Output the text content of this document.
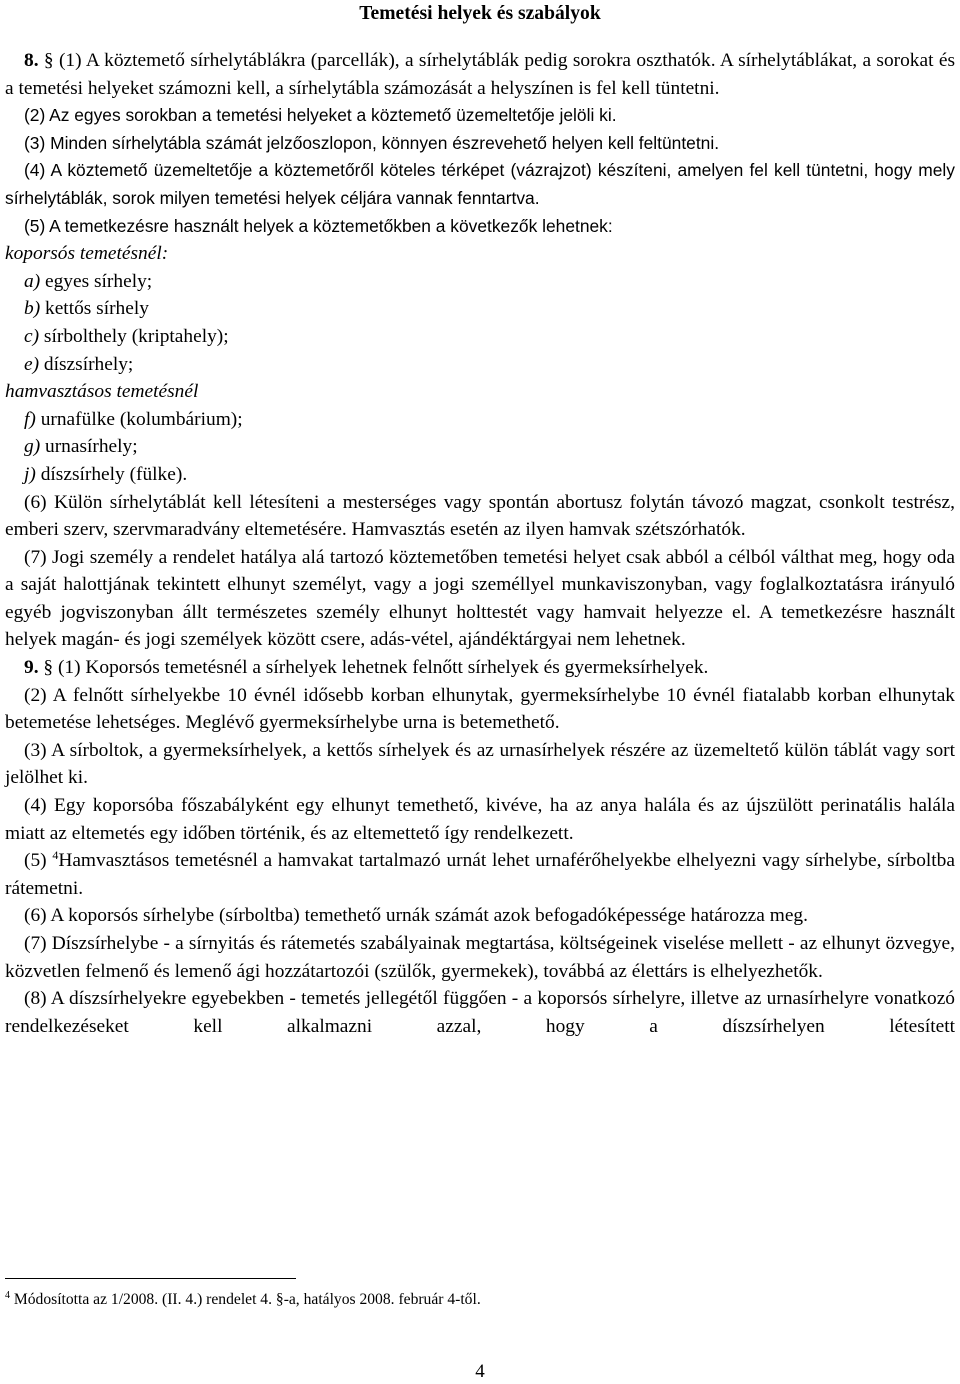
Temetési helyek és szabályok

8. § (1) A köztemető sírhelytáblákra (parcellák), a sírhelytáblák pedig sorokra oszthatók. A sírhelytáblákat, a sorokat és a temetési helyeket számozni kell, a sírhelytábla számozását a helyszínen is fel kell tüntetni.

(2) Az egyes sorokban a temetési helyeket a köztemető üzemeltetője jelöli ki.

(3) Minden sírhelytábla számát jelzőoszlopon, könnyen észrevehető helyen kell feltüntetni.

(4) A köztemető üzemeltetője a köztemetőről köteles térképet (vázrajzot) készíteni, amelyen fel kell tüntetni, hogy mely sírhelytáblák, sorok milyen temetési helyek céljára vannak fenntartva.

(5) A temetkezésre használt helyek a köztemetőkben a következők lehetnek:

koporsós temetésnél:

a) egyes sírhely;

b) kettős sírhely

c) sírbolthely (kriptahely);

e) díszsírhely;

hamvasztásos temetésnél

f) urnafülke (kolumbárium);

g) urnasírhely;

j) díszsírhely (fülke).

(6) Külön sírhelytáblát kell létesíteni a mesterséges vagy spontán abortusz folytán távozó magzat, csonkolt testrész, emberi szerv, szervmaradvány eltemetésére. Hamvasztás esetén az ilyen hamvak szétszórhatók.

(7) Jogi személy a rendelet hatálya alá tartozó köztemetőben temetési helyet csak abból a célból válthat meg, hogy oda a saját halottjának tekintett elhunyt személyt, vagy a jogi személlyel munkaviszonyban, vagy foglalkoztatásra irányuló egyéb jogviszonyban állt természetes személy elhunyt holttestét vagy hamvait helyezze el. A temetkezésre használt helyek magán- és jogi személyek között csere, adás-vétel, ajándéktárgyai nem lehetnek.

9. § (1) Koporsós temetésnél a sírhelyek lehetnek felnőtt sírhelyek és gyermeksírhelyek.

(2) A felnőtt sírhelyekbe 10 évnél idősebb korban elhunytak, gyermeksírhelybe 10 évnél fiatalabb korban elhunytak betemetése lehetséges. Meglévő gyermeksírhelybe urna is betemethető.

(3) A sírboltok, a gyermeksírhelyek, a kettős sírhelyek és az urnasírhelyek részére az üzemeltető külön táblát vagy sort jelölhet ki.

(4) Egy koporsóba főszabályként egy elhunyt temethető, kivéve, ha az anya halála és az újszülött perinatális halála miatt az eltemetés egy időben történik, és az eltemettető így rendelkezett.

(5) $^4$Hamvasztásos temetésnél a hamvakat tartalmazó urnát lehet urnaférőhelyekbe elhelyezni vagy sírhelybe, sírboltba rátemetni.

(6) A koporsós sírhelybe (sírboltba) temethető urnák számát azok befogadóképessége határozza meg.

(7) Díszsírhelybe - a sírnyitás és rátemetés szabályainak megtartása, költségeinek viselése mellett - az elhunyt özvegye, közvetlen felmenő és lemenő ági hozzátartozói (szülők, gyermekek), továbbá az élettárs is elhelyezhetők.

(8) A díszsírhelyekre egyebekben - temetés jellegétől függően - a koporsós sírhelyre, illetve az urnasírhelyre vonatkozó rendelkezéseket kell alkalmazni azzal, hogy a díszsírhelyen létesített

$^4$ Módosította az 1/2008. (II. 4.) rendelet 4. §-a, hatályos 2008. február 4-től.
4
